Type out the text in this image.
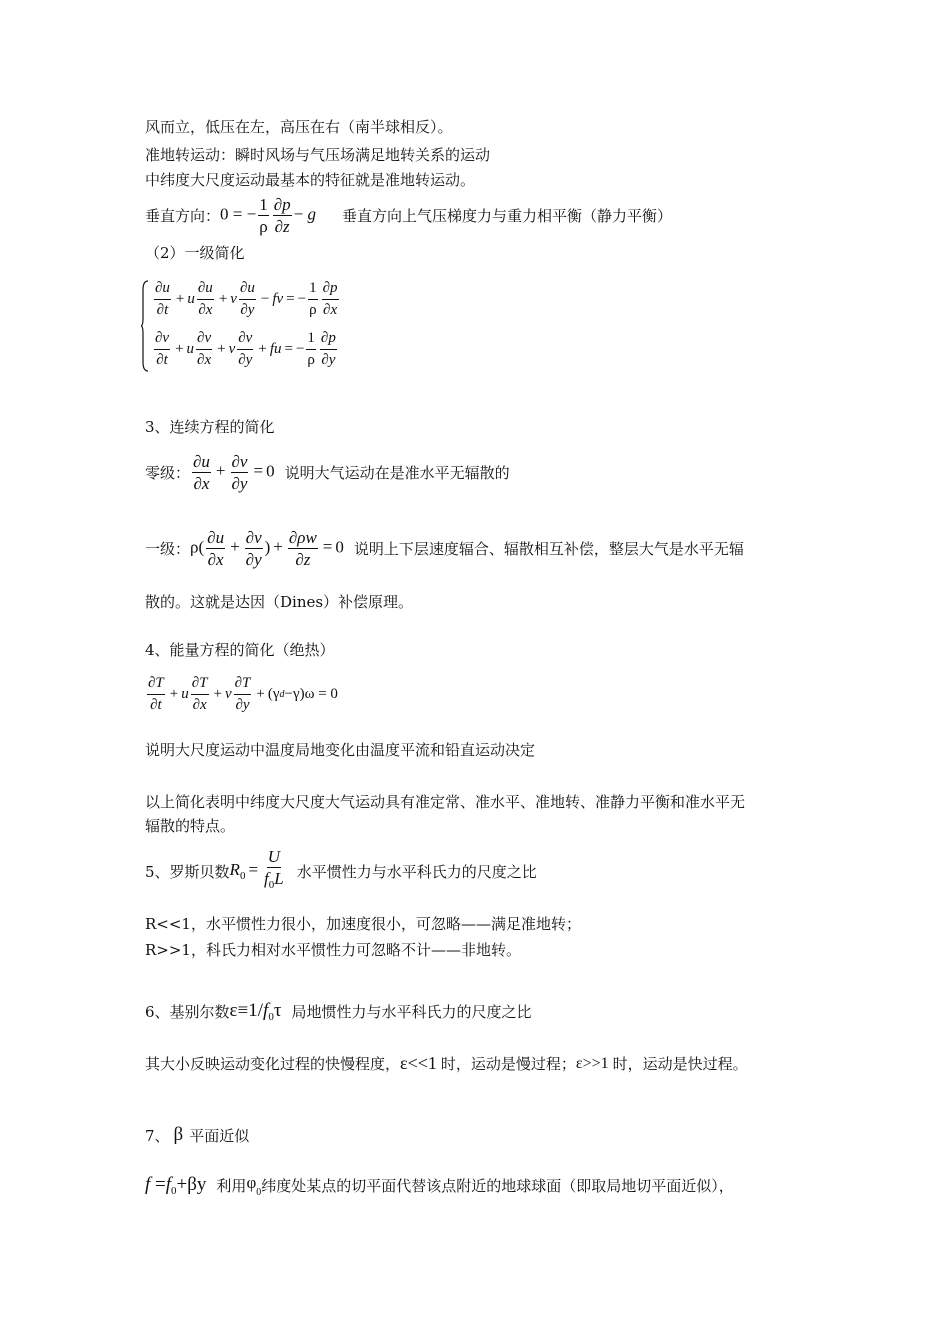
风而立，低压在左，高压在右（南半球相反）。
准地转运动：瞬时风场与气压场满足地转关系的运动
中纬度大尺度运动最基本的特征就是准地转运动。
垂直方向： 0 = − $\frac{1}{\rho} \frac{\partial p}{\partial z} - g$ 垂直方向上气压梯度力与重力相平衡（静力平衡）
（2）一级简化
$\frac{\partial u}{\partial t} + u \frac{\partial u}{\partial x} + v \frac{\partial u}{\partial y}$ − fv = − $\frac{1}{\rho} \frac{\partial p}{\partial x}$
$\frac{\partial v}{\partial t} + u \frac{\partial v}{\partial x} + v \frac{\partial v}{\partial y}$ + fu = − $\frac{1}{\rho} \frac{\partial p}{\partial y}$
3、连续方程的简化
零级： $\frac{\partial u}{\partial x} + \frac{\partial v}{\partial y} = 0$ 说明大气运动在是准水平无辐散的
一级： $\rho( \frac{\partial u}{\partial x} + \frac{\partial v}{\partial y}$ ) + $\frac{\partial\rho w}{\partial z} = 0$ 说明上下层速度辐合、辐散相互补偿，整层大气是水平无辐
散的。这就是达因（Dines）补偿原理。
4、能量方程的简化（绝热）
$\frac{\partial T}{\partial t} + u \frac{\partial T}{\partial x} + v \frac{\partial T}{\partial y} + (\gamma$ d −γ)ω = 0
说明大尺度运动中温度局地变化由温度平流和铅直运动决定
以上简化表明中纬度大尺度大气运动具有准定常、准水平、准地转、准静力平衡和准水平无
辐散的特点。
5、罗斯贝数 $R_0 = \frac{U}{f_0L}$ 水平惯性力与水平科氏力的尺度之比
R<<1，水平惯性力很小，加速度很小，可忽略——满足准地转；
R>>1，科氏力相对水平惯性力可忽略不计——非地转。
6、基别尔数 $\varepsilon\equiv 1/f_0\tau$ 局地惯性力与水平科氏力的尺度之比
其大小反映运动变化过程的快慢程度， ε<<1 时，运动是慢过程； ε>>1 时，运动是快过程。
7、 β 平面近似
$f =f_0+\beta y$ 利用 $\varphi_0$ 纬度处某点的切平面代替该点附近的地球球面（即取局地切平面近似），
